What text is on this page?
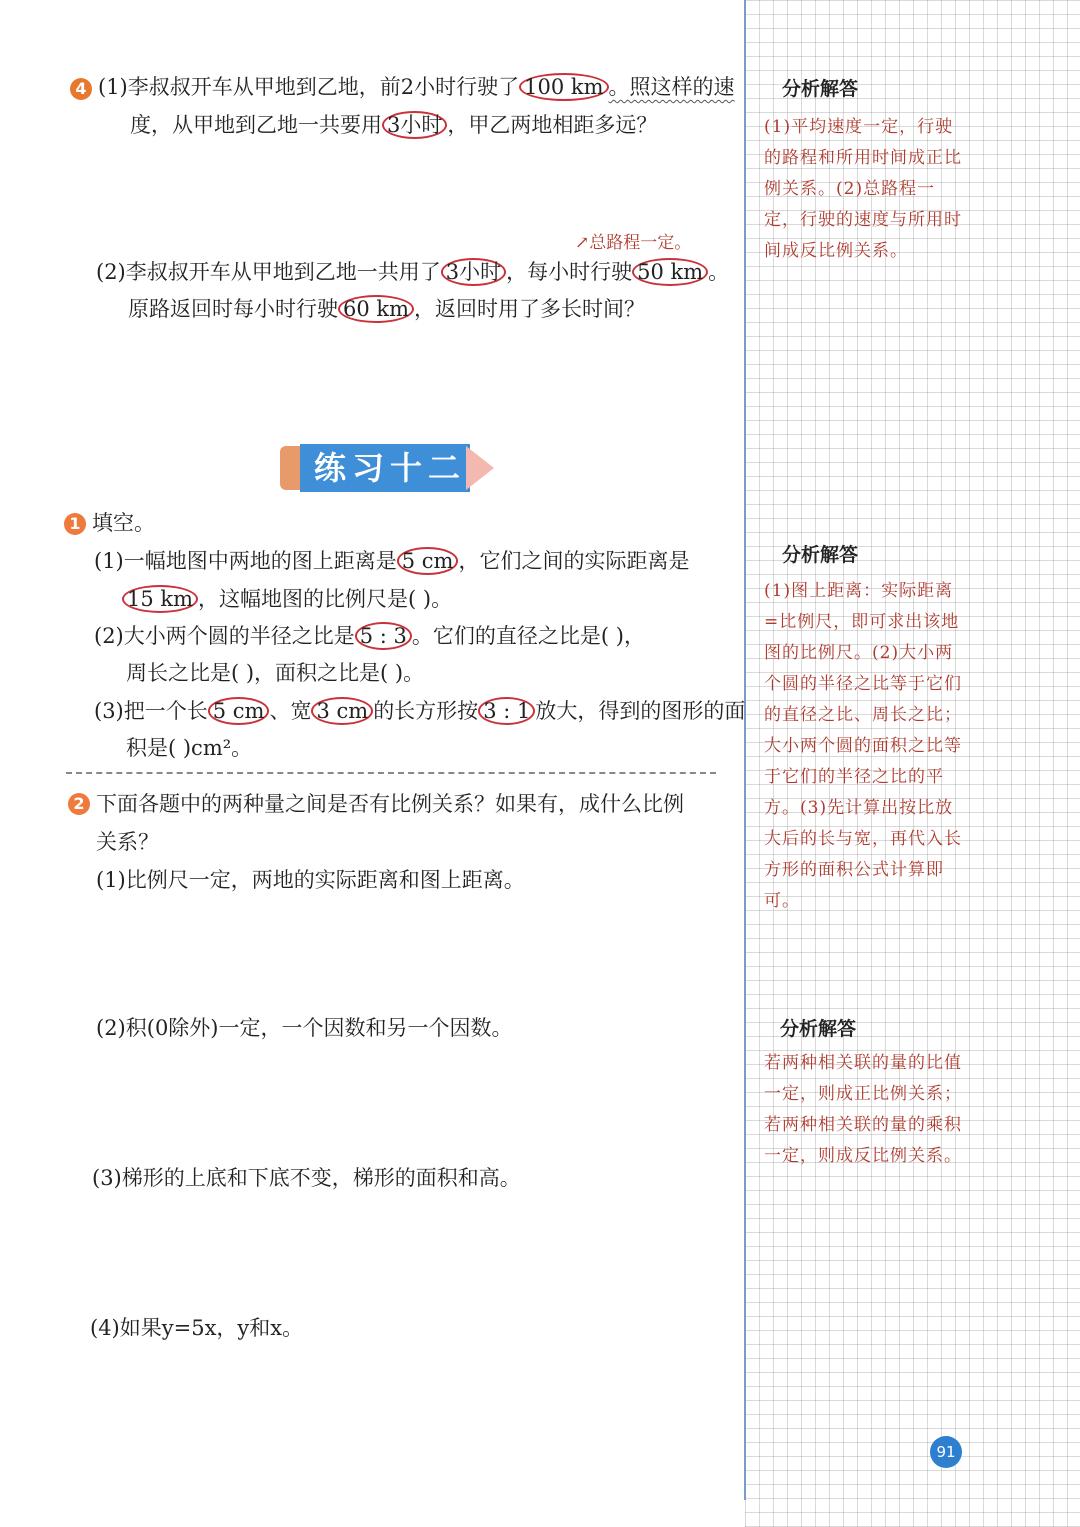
4 (1)李叔叔开车从甲地到乙地，前2小时行驶了 100 km 。照这样的速
度，从甲地到乙地一共要用 3小时 ，甲乙两地相距多远？
↗总路程一定。
(2)李叔叔开车从甲地到乙地一共用了 3小时 ，每小时行驶 50 km 。
原路返回时每小时行驶 60 km ，返回时用了多长时间？
练习十二
1 填空。
(1)一幅地图中两地的图上距离是 5 cm ，它们之间的实际距离是
15 km ，这幅地图的比例尺是( )。
(2)大小两个圆的半径之比是 5 : 3 。它们的直径之比是( )，
周长之比是( )，面积之比是( )。
(3)把一个长 5 cm 、宽 3 cm 的长方形按 3 : 1 放大，得到的图形的面
积是( )cm²。
2 下面各题中的两种量之间是否有比例关系？如果有，成什么比例
关系？
(1)比例尺一定，两地的实际距离和图上距离。
(2)积(0除外)一定，一个因数和另一个因数。
(3)梯形的上底和下底不变，梯形的面积和高。
(4)如果y=5x，y和x。
分析解答
(1)平均速度一定，行驶的路程和所用时间成正比例关系。(2)总路程一定，行驶的速度与所用时间成反比例关系。
分析解答
(1)图上距离：实际距离=比例尺，即可求出该地图的比例尺。(2)大小两个圆的半径之比等于它们的直径之比、周长之比；大小两个圆的面积之比等于它们的半径之比的平方。(3)先计算出按比放大后的长与宽，再代入长方形的面积公式计算即可。
分析解答
若两种相关联的量的比值一定，则成正比例关系；若两种相关联的量的乘积一定，则成反比例关系。
91
